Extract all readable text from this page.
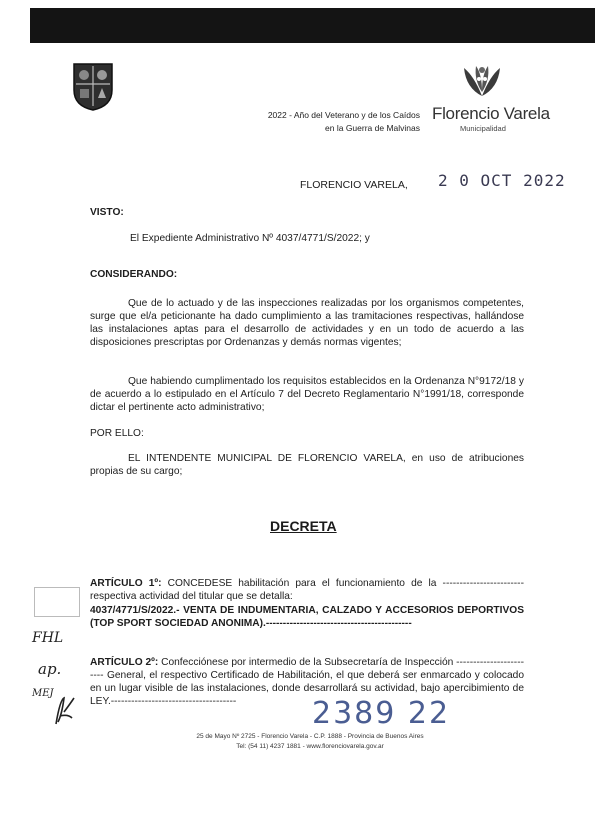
2022 - Año del Veterano y de los Caídos
en la Guerra de Malvinas
Florencio Varela
Municipalidad
FLORENCIO VARELA, 2 0 OCT 2022
VISTO:
El Expediente Administrativo Nº 4037/4771/S/2022; y
CONSIDERANDO:
Que de lo actuado y de las inspecciones realizadas por los organismos competentes, surge que el/a peticionante ha dado cumplimiento a las tramitaciones respectivas, hallándose las instalaciones aptas para el desarrollo de actividades y en un todo de acuerdo a las disposiciones prescriptas por Ordenanzas y demás normas vigentes;
Que habiendo cumplimentado los requisitos establecidos en la Ordenanza N°9172/18 y de acuerdo a lo estipulado en el Artículo 7 del Decreto Reglamentario N°1991/18, corresponde dictar el pertinente acto administrativo;
POR ELLO:
EL INTENDENTE MUNICIPAL DE FLORENCIO VARELA, en uso de atribuciones propias de su cargo;
DECRETA
ARTÍCULO 1º: CONCEDESE habilitación para el funcionamiento de la ------------------------ respectiva actividad del titular que se detalla:
4037/4771/S/2022.- VENTA DE INDUMENTARIA, CALZADO Y ACCESORIOS DEPORTIVOS (TOP SPORT SOCIEDAD ANONIMA).-------------------------------------------
ARTÍCULO 2º: Confecciónese por intermedio de la Subsecretaría de Inspección ------------------------ General, el respectivo Certificado de Habilitación, el que deberá ser enmarcado y colocado en un lugar visible de las instalaciones, donde desarrollará su actividad, bajo apercibimiento de LEY.-------------------------------------
FHL
ap.
MEJ
2389 22
25 de Mayo Nº 2725 - Florencio Varela - C.P. 1888 - Provincia de Buenos Aires
Tel: (54 11) 4237 1881 - www.florenciovarela.gov.ar
